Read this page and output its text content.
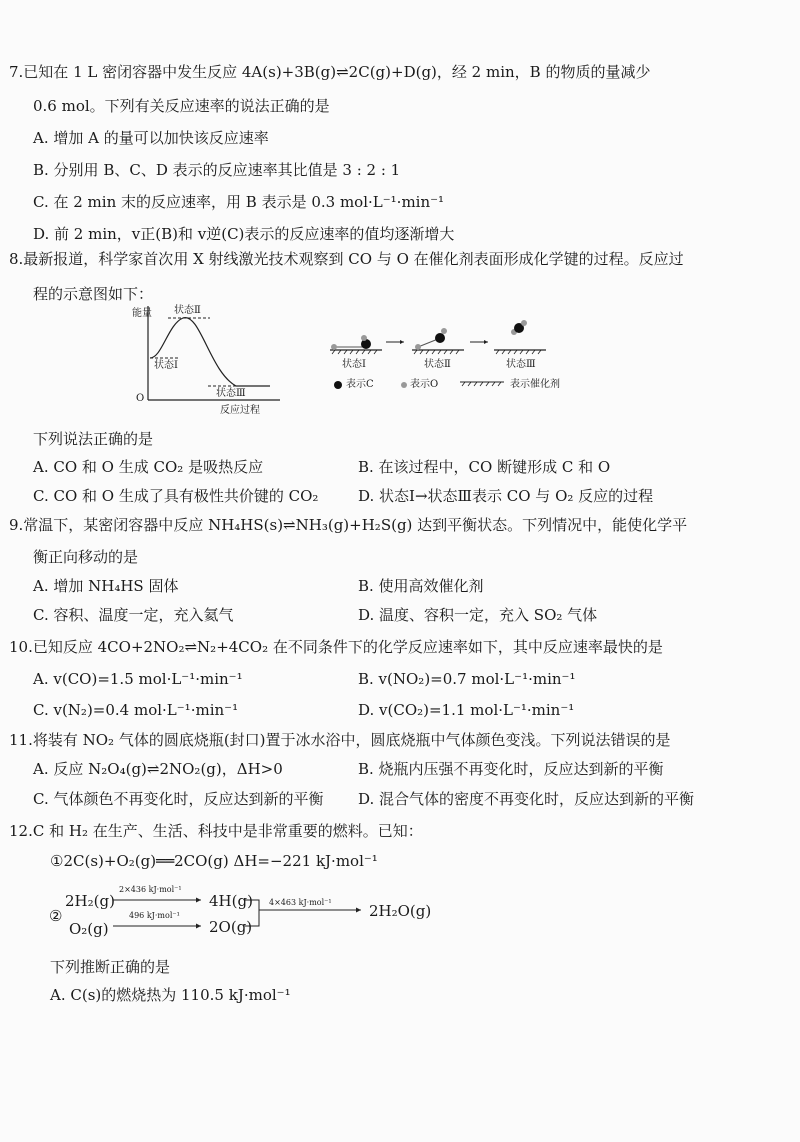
7.已知在 1 L 密闭容器中发生反应 4A(s)+3B(g)⇌2C(g)+D(g)，经 2 min，B 的物质的量减少
0.6 mol。下列有关反应速率的说法正确的是
A. 增加 A 的量可以加快该反应速率
B. 分别用 B、C、D 表示的反应速率其比值是 3 : 2 : 1
C. 在 2 min 末的反应速率，用 B 表示是 0.3 mol·L⁻¹·min⁻¹
D. 前 2 min，v正(B)和 v逆(C)表示的反应速率的值均逐渐增大
8.最新报道，科学家首次用 X 射线激光技术观察到 CO 与 O 在催化剂表面形成化学键的过程。反应过
程的示意图如下：
能量
O
反应过程
状态Ⅱ
状态Ⅰ
状态Ⅲ
状态Ⅰ	状态Ⅱ	状态Ⅲ
表示C	表示O	表示催化剂
下列说法正确的是
A. CO 和 O 生成 CO₂ 是吸热反应	B. 在该过程中，CO 断键形成 C 和 O
C. CO 和 O 生成了具有极性共价键的 CO₂	D. 状态Ⅰ→状态Ⅲ表示 CO 与 O₂ 反应的过程
9.常温下，某密闭容器中反应 NH₄HS(s)⇌NH₃(g)+H₂S(g) 达到平衡状态。下列情况中，能使化学平
衡正向移动的是
A. 增加 NH₄HS 固体	B. 使用高效催化剂
C. 容积、温度一定，充入氦气	D. 温度、容积一定，充入 SO₂ 气体
10.已知反应 4CO+2NO₂⇌N₂+4CO₂ 在不同条件下的化学反应速率如下，其中反应速率最快的是
A. v(CO)=1.5 mol·L⁻¹·min⁻¹	B. v(NO₂)=0.7 mol·L⁻¹·min⁻¹
C. v(N₂)=0.4 mol·L⁻¹·min⁻¹	D. v(CO₂)=1.1 mol·L⁻¹·min⁻¹
11.将装有 NO₂ 气体的圆底烧瓶(封口)置于冰水浴中，圆底烧瓶中气体颜色变浅。下列说法错误的是
A. 反应 N₂O₄(g)⇌2NO₂(g)，ΔH>0	B. 烧瓶内压强不再变化时，反应达到新的平衡
C. 气体颜色不再变化时，反应达到新的平衡 D. 混合气体的密度不再变化时，反应达到新的平衡
12.C 和 H₂ 在生产、生活、科技中是非常重要的燃料。已知：
①2C(s)+O₂(g)══2CO(g) ΔH=−221 kJ·mol⁻¹
2H₂(g)
2×436 kJ·mol⁻¹
4H(g)
②
O₂(g)
496 kJ·mol⁻¹
2O(g)
4×463 kJ·mol⁻¹ 2H₂O(g)
下列推断正确的是
A. C(s)的燃烧热为 110.5 kJ·mol⁻¹
